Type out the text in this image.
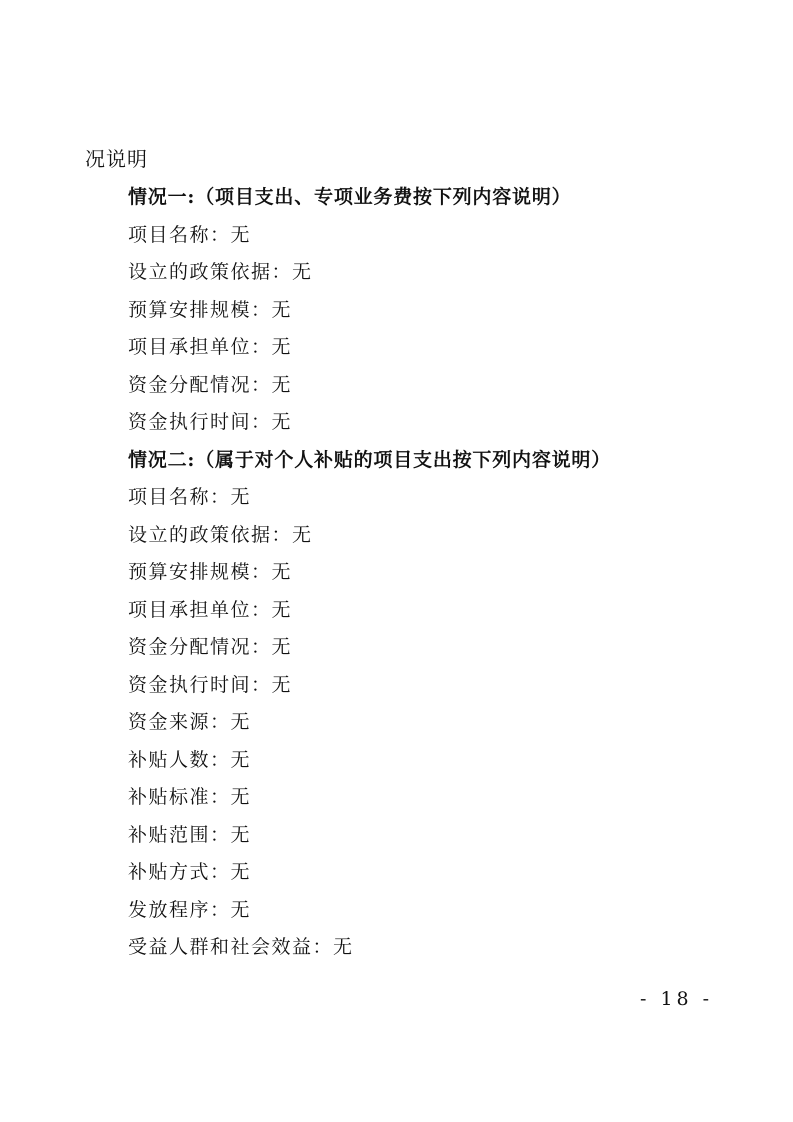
况说明
情况一:（项目支出、专项业务费按下列内容说明）
项目名称：无
设立的政策依据：无
预算安排规模：无
项目承担单位：无
资金分配情况：无
资金执行时间：无
情况二:（属于对个人补贴的项目支出按下列内容说明）
项目名称：无
设立的政策依据：无
预算安排规模：无
项目承担单位：无
资金分配情况：无
资金执行时间：无
资金来源：无
补贴人数：无
补贴标准：无
补贴范围：无
补贴方式：无
发放程序：无
受益人群和社会效益：无
- 18 -
